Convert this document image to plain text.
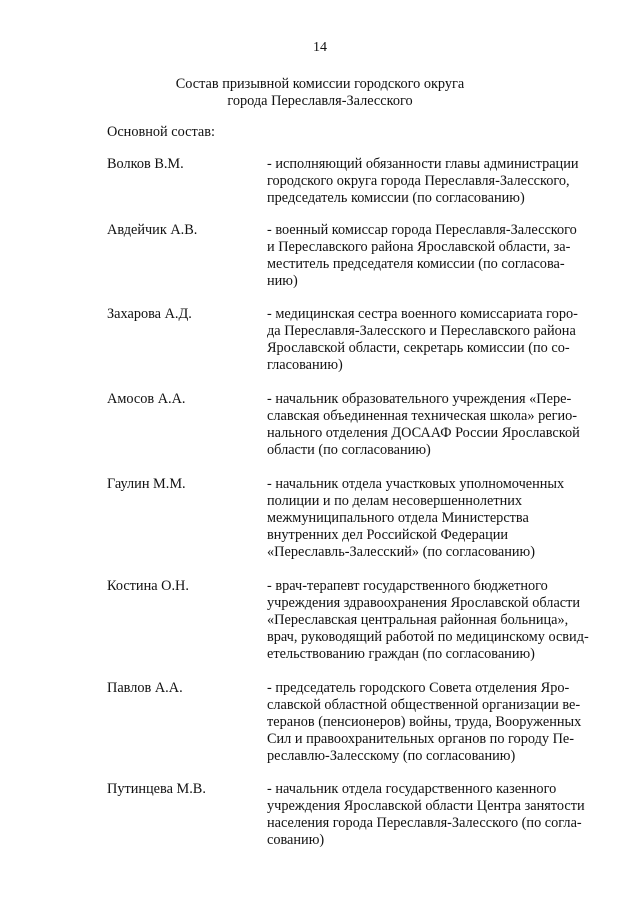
14
Состав призывной комиссии городского округа
города Переславля-Залесского
Основной состав:
Волков В.М.	- исполняющий обязанности главы администрации
городского округа города Переславля-Залесского,
председатель комиссии (по согласованию)
Авдейчик А.В.	- военный комиссар города Переславля-Залесского
и Переславского района Ярославской области, за-
меститель председателя комиссии (по согласова-
нию)
Захарова А.Д.	- медицинская сестра военного комиссариата горо-
да Переславля-Залесского и Переславского района
Ярославской области, секретарь комиссии (по со-
гласованию)
Амосов А.А.	- начальник образовательного учреждения «Пере-
славская объединенная техническая школа» регио-
нального отделения ДОСААФ России Ярославской
области (по согласованию)
Гаулин М.М.	- начальник отдела участковых уполномоченных
полиции и по делам несовершеннолетних
межмуниципального отдела Министерства
внутренних дел Российской Федерации
«Переславль-Залесский» (по согласованию)
Костина О.Н.	- врач-терапевт государственного бюджетного
учреждения здравоохранения Ярославской области
«Переславская центральная районная больница»,
врач, руководящий работой по медицинскому освид-
етельствованию граждан (по согласованию)
Павлов А.А.	- председатель городского Совета отделения Яро-
славской областной общественной организации ве-
теранов (пенсионеров) войны, труда, Вооруженных
Сил и правоохранительных органов по городу Пе-
реславлю-Залесскому (по согласованию)
Путинцева М.В.	- начальник отдела государственного казенного
учреждения Ярославской области Центра занятости
населения города Переславля-Залесского (по согла-
сованию)
